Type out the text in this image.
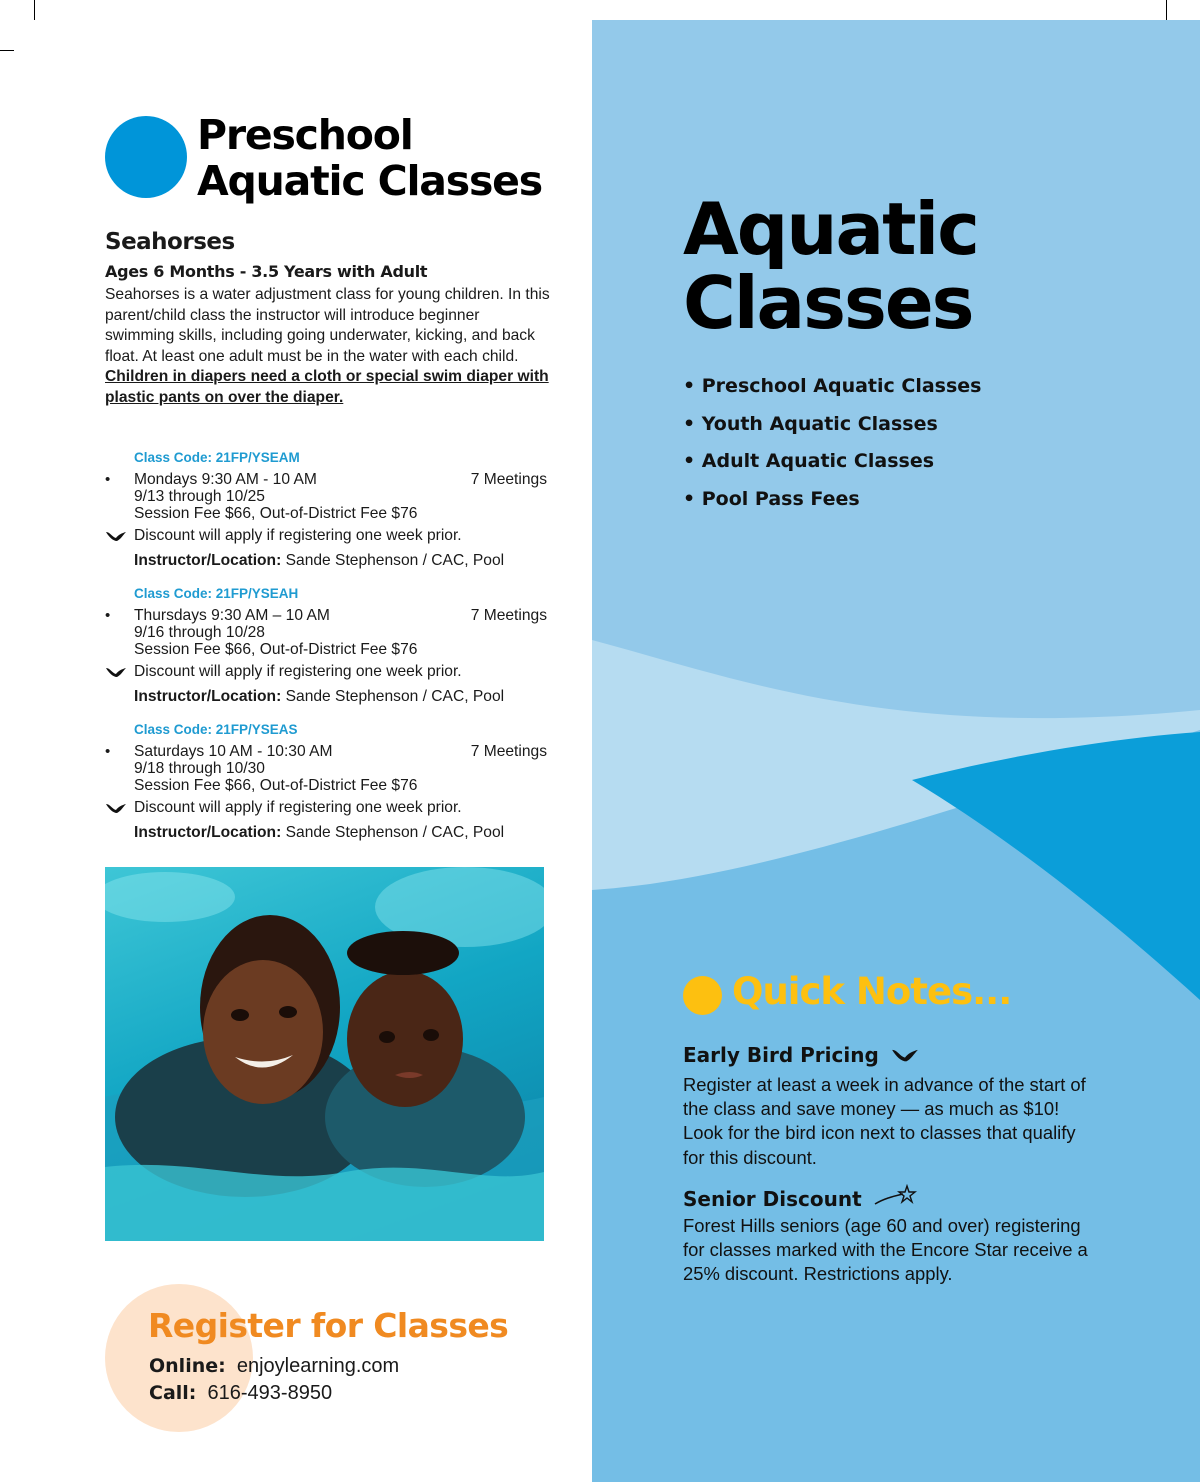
Preschool
Aquatic Classes
Seahorses
Ages 6 Months - 3.5 Years with Adult

Seahorses is a water adjustment class for young children. In this parent/child class the instructor will introduce beginner swimming skills, including going underwater, kicking, and back float. At least one adult must be in the water with each child. Children in diapers need a cloth or special swim diaper with plastic pants on over the diaper.

Class Code: 21FP/YSEAM
• Mondays 9:30 AM - 10 AM	7 Meetings
9/13 through 10/25
Session Fee $66, Out-of-District Fee $76
Discount will apply if registering one week prior.
Instructor/Location: Sande Stephenson / CAC, Pool
Class Code: 21FP/YSEAH
• Thursdays 9:30 AM – 10 AM	7 Meetings
9/16 through 10/28
Session Fee $66, Out-of-District Fee $76
Discount will apply if registering one week prior.
Instructor/Location: Sande Stephenson / CAC, Pool
Class Code: 21FP/YSEAS
• Saturdays 10 AM - 10:30 AM	7 Meetings
9/18 through 10/30
Session Fee $66, Out-of-District Fee $76
Discount will apply if registering one week prior.
Instructor/Location: Sande Stephenson / CAC, Pool
Register for Classes
Online: enjoylearning.com
Call: 616-493-8950
Aquatic
Classes
• Preschool Aquatic Classes
• Youth Aquatic Classes
• Adult Aquatic Classes
• Pool Pass Fees
Quick Notes...
Early Bird Pricing

Register at least a week in advance of the start of the class and save money — as much as $10! Look for the bird icon next to classes that qualify for this discount.

Senior Discount

Forest Hills seniors (age 60 and over) registering for classes marked with the Encore Star receive a 25% discount. Restrictions apply.
